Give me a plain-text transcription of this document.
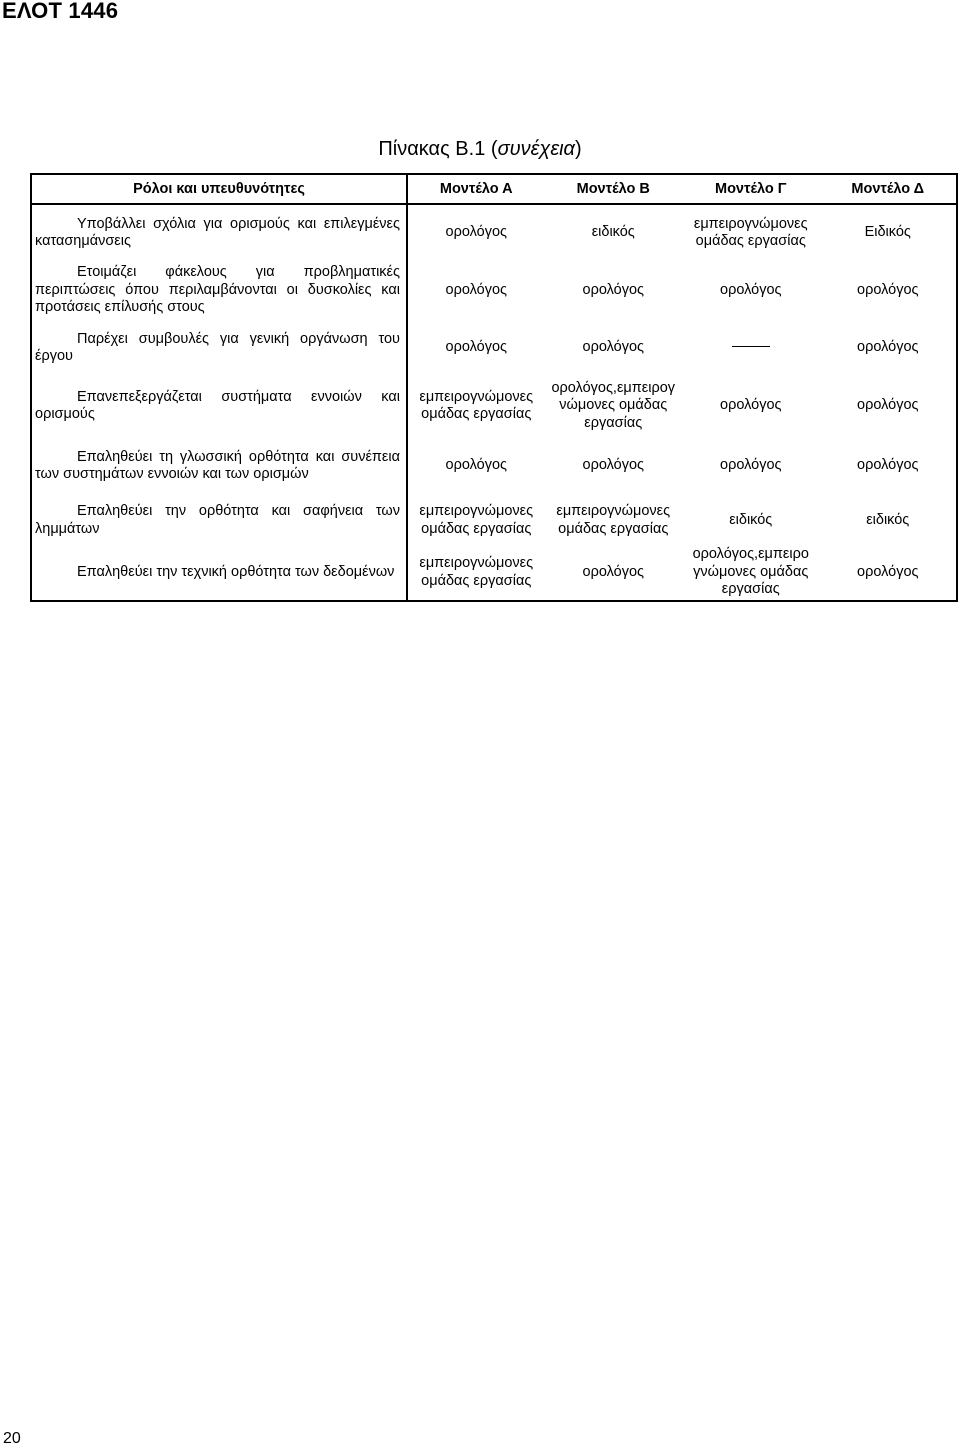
ΕΛΟΤ 1446
Πίνακας Β.1 (συνέχεια)
Ρόλοι και υπευθυνότητες	Μοντέλο Α	Μοντέλο Β	Μοντέλο Γ	Μοντέλο Δ

Υποβάλλει σχόλια για ορισμούς και επιλεγμένες κατασημάνσεις	ορολόγος	ειδικός	εμπειρογνώμονες ομάδας εργασίας	Ειδικός

Ετοιμάζει φάκελους για προβληματικές περιπτώσεις όπου περιλαμβάνονται οι δυσκολίες και προτάσεις επίλυσής στους	ορολόγος	ορολόγος	ορολόγος	ορολόγος

Παρέχει συμβουλές για γενική οργάνωση του έργου	ορολόγος	ορολόγος		ορολόγος

Επανεπεξεργάζεται συστήματα εννοιών και ορισμούς	εμπειρογνώμονες ομάδας εργασίας	ορολόγος,εμπειρογ νώμονες ομάδας εργασίας	ορολόγος	ορολόγος

Επαληθεύει τη γλωσσική ορθότητα και συνέπεια των συστημάτων εννοιών και των ορισμών	ορολόγος	ορολόγος	ορολόγος	ορολόγος

Επαληθεύει την ορθότητα και σαφήνεια των λημμάτων	εμπειρογνώμονες ομάδας εργασίας	εμπειρογνώμονες ομάδας εργασίας	ειδικός	ειδικός

Επαληθεύει την τεχνική ορθότητα των δεδομένων	εμπειρογνώμονες ομάδας εργασίας	ορολόγος	ορολόγος,εμπειρο γνώμονες ομάδας εργασίας	ορολόγος
20
